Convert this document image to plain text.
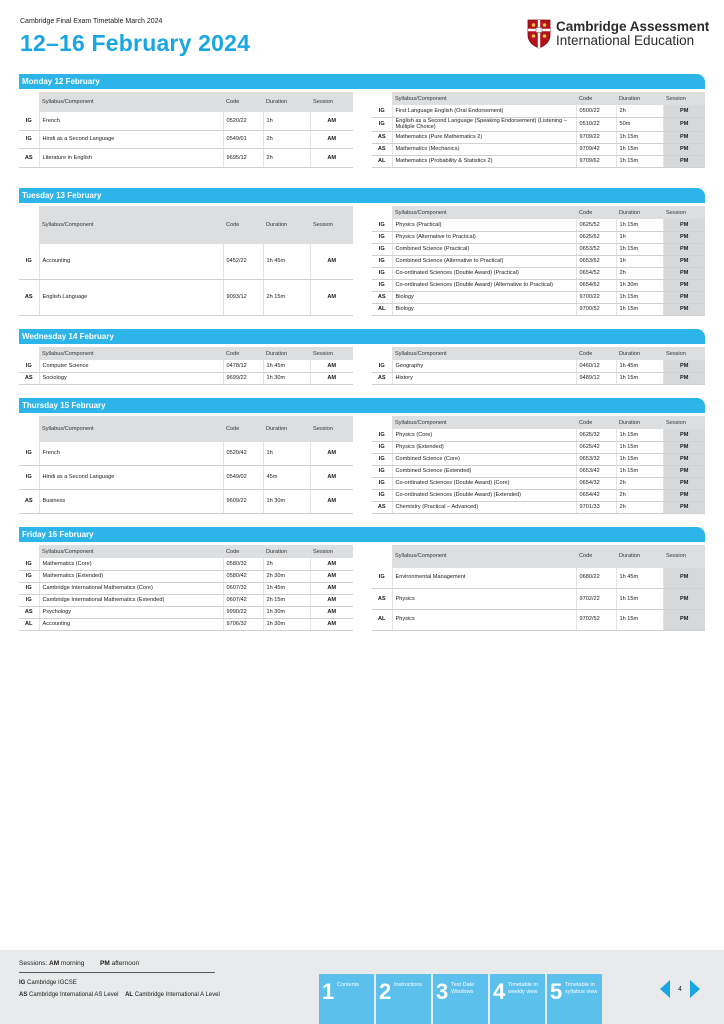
Cambridge Final Exam Timetable March 2024
12–16 February 2024
Cambridge Assessment
International Education
Monday 12 February
	Syllabus/Component	Code	Duration	Session
IG	French	0520/22	1h	AM
IG	Hindi as a Second Language	0549/01	2h	AM
AS	Literature in English	9695/12	2h	AM
	Syllabus/Component	Code	Duration	Session
IG	First Language English (Oral Endorsement)	0500/22	2h	PM
IG	English as a Second Language (Speaking Endorsement) (Listening – Multiple Choice)	0510/22	50m	PM
AS	Mathematics (Pure Mathematics 2)	9709/22	1h 15m	PM
AS	Mathematics (Mechanics)	9709/42	1h 15m	PM
AL	Mathematics (Probability & Statistics 2)	9709/62	1h 15m	PM
Tuesday 13 February
	Syllabus/Component	Code	Duration	Session
IG	Accounting	0452/22	1h 45m	AM
AS	English Language	9093/12	2h 15m	AM
	Syllabus/Component	Code	Duration	Session
IG	Physics (Practical)	0625/52	1h 15m	PM
IG	Physics (Alternative to Practical)	0625/62	1h	PM
IG	Combined Science (Practical)	0653/52	1h 15m	PM
IG	Combined Science (Alternative to Practical)	0653/62	1h	PM
IG	Co-ordinated Sciences (Double Award) (Practical)	0654/52	2h	PM
IG	Co-ordinated Sciences (Double Award) (Alternative to Practical)	0654/62	1h 30m	PM
AS	Biology	9700/22	1h 15m	PM
AL	Biology	9700/52	1h 15m	PM
Wednesday 14 February
	Syllabus/Component	Code	Duration	Session
IG	Computer Science	0478/12	1h 45m	AM
AS	Sociology	9699/22	1h 30m	AM
	Syllabus/Component	Code	Duration	Session
IG	Geography	0460/12	1h 45m	PM
AS	History	9489/12	1h 15m	PM
Thursday 15 February
	Syllabus/Component	Code	Duration	Session
IG	French	0520/42	1h	AM
IG	Hindi as a Second Language	0549/02	45m	AM
AS	Business	9609/22	1h 30m	AM
	Syllabus/Component	Code	Duration	Session
IG	Physics (Core)	0625/32	1h 15m	PM
IG	Physics (Extended)	0625/42	1h 15m	PM
IG	Combined Science (Core)	0653/32	1h 15m	PM
IG	Combined Science (Extended)	0653/42	1h 15m	PM
IG	Co-ordinated Sciences (Double Award) (Core)	0654/32	2h	PM
IG	Co-ordinated Sciences (Double Award) (Extended)	0654/42	2h	PM
AS	Chemistry (Practical – Advanced)	9701/33	2h	PM
Friday 16 February
	Syllabus/Component	Code	Duration	Session
IG	Mathematics (Core)	0580/32	2h	AM
IG	Mathematics (Extended)	0580/42	2h 30m	AM
IG	Cambridge International Mathematics (Core)	0607/32	1h 45m	AM
IG	Cambridge International Mathematics (Extended)	0607/42	2h 15m	AM
AS	Psychology	9990/22	1h 30m	AM
AL	Accounting	9706/32	1h 30m	AM
	Syllabus/Component	Code	Duration	Session
IG	Environmental Management	0680/22	1h 45m	PM
AS	Physics	9702/22	1h 15m	PM
AL	Physics	9702/52	1h 15m	PM
Sessions: AM morning PM afternoon
IG Cambridge IGCSE
AS Cambridge International AS Level AL Cambridge International A Level	1 Contents 2 Instructions 3 Test Date Windows 4 Timetable in weekly view 5 Timetable in syllabus view	4
